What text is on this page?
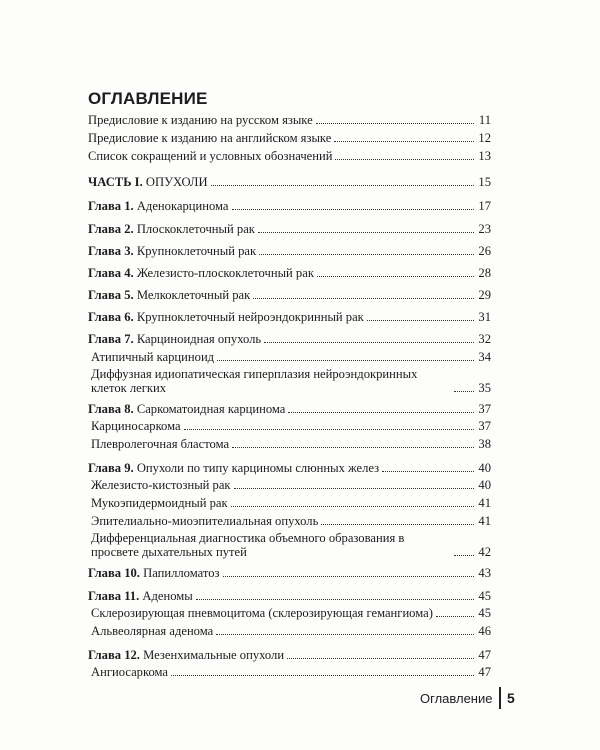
ОГЛАВЛЕНИЕ
Предисловие к изданию на русском языке	11
Предисловие к изданию на английском языке	12
Список сокращений и условных обозначений	13
ЧАСТЬ I. ОПУХОЛИ	15
Глава 1. Аденокарцинома	17
Глава 2. Плоскоклеточный рак	23
Глава 3. Крупноклеточный рак	26
Глава 4. Железисто-плоскоклеточный рак	28
Глава 5. Мелкоклеточный рак	29
Глава 6. Крупноклеточный нейроэндокринный рак	31
Глава 7. Карциноидная опухоль	32
Атипичный карциноид	34
Диффузная идиопатическая гиперплазия нейроэндокринных клеток легких	35
Глава 8. Саркоматоидная карцинома	37
Карциносаркома	37
Плевролегочная бластома	38
Глава 9. Опухоли по типу карциномы слюнных желез	40
Железисто-кистозный рак	40
Мукоэпидермоидный рак	41
Эпителиально-миоэпителиальная опухоль	41
Дифференциальная диагностика объемного образования в просвете дыхательных путей	42
Глава 10. Папилломатоз	43
Глава 11. Аденомы	45
Склерозирующая пневмоцитома (склерозирующая гемангиома)	45
Альвеолярная аденома	46
Глава 12. Мезенхимальные опухоли	47
Ангиосаркома	47
Оглавление 5
